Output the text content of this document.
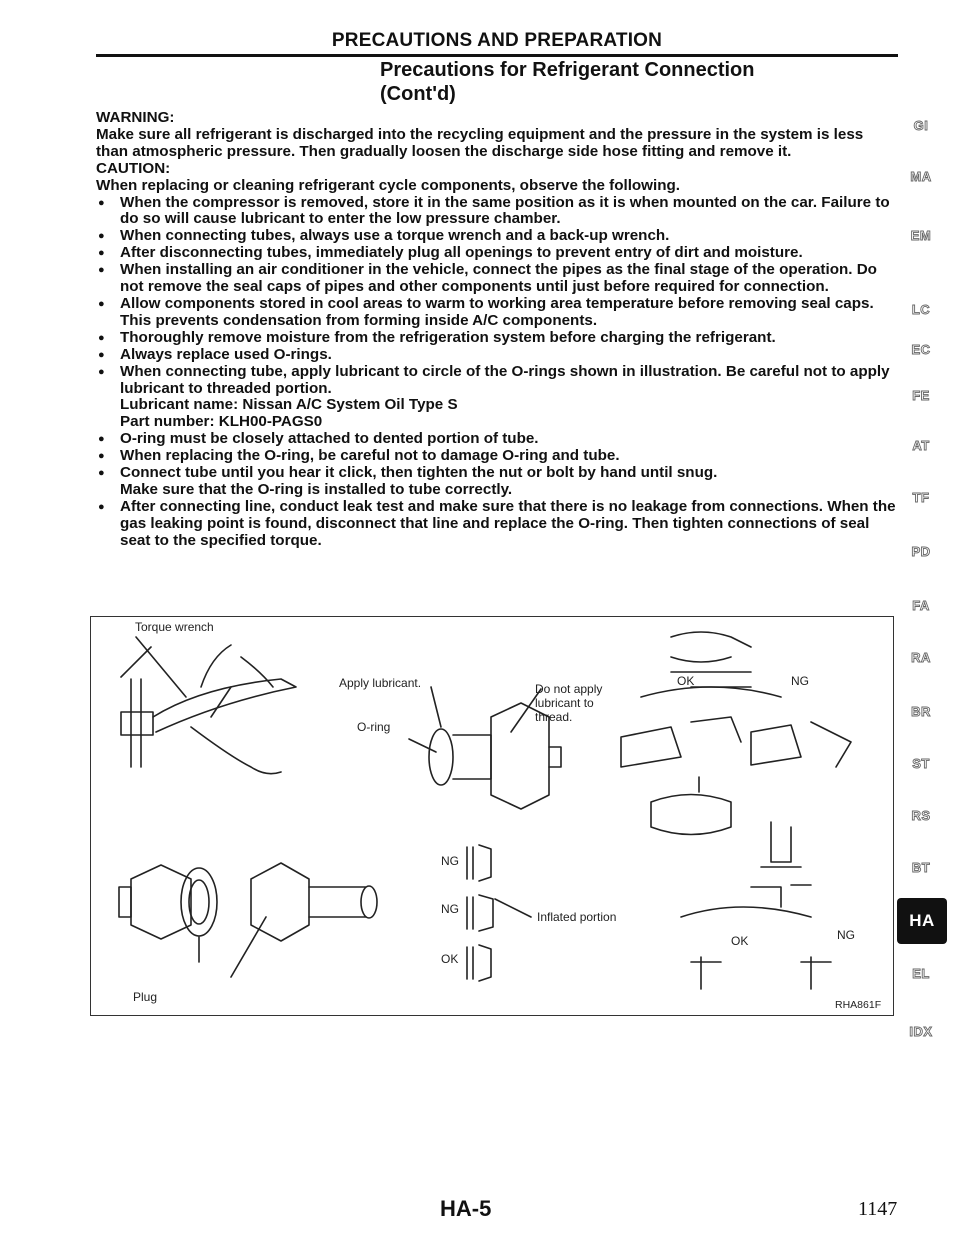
PRECAUTIONS AND PREPARATION
Precautions for Refrigerant Connection
(Cont'd)

WARNING:

Make sure all refrigerant is discharged into the recycling equipment and the pressure in the system is less than atmospheric pressure. Then gradually loosen the discharge side hose fitting and remove it.

CAUTION:

When replacing or cleaning refrigerant cycle components, observe the following.

● When the compressor is removed, store it in the same position as it is when mounted on the car. Failure to do so will cause lubricant to enter the low pressure chamber.
● When connecting tubes, always use a torque wrench and a back-up wrench.
● After disconnecting tubes, immediately plug all openings to prevent entry of dirt and moisture.
● When installing an air conditioner in the vehicle, connect the pipes as the final stage of the operation. Do not remove the seal caps of pipes and other components until just before required for connection.
● Allow components stored in cool areas to warm to working area temperature before removing seal caps. This prevents condensation from forming inside A/C components.
● Thoroughly remove moisture from the refrigeration system before charging the refrigerant.
● Always replace used O-rings.
● When connecting tube, apply lubricant to circle of the O-rings shown in illustration. Be careful not to apply lubricant to threaded portion.
Lubricant name: Nissan A/C System Oil Type S
Part number: KLH00-PAGS0
● O-ring must be closely attached to dented portion of tube.
● When replacing the O-ring, be careful not to damage O-ring and tube.
● Connect tube until you hear it click, then tighten the nut or bolt by hand until snug.
Make sure that the O-ring is installed to tube correctly.
● After connecting line, conduct leak test and make sure that there is no leakage from connections. When the gas leaking point is found, disconnect that line and replace the O-ring. Then tighten connections of seal seat to the specified torque.
Torque wrench
Plug
Apply lubricant.
O-ring
Do not apply
lubricant to
thread.
NG
NG
OK
Inflated portion
OK	NG
OK	NG
RHA861F
GI
MA
EM
LC
EC
FE
AT
TF
PD
FA
RA
BR
ST
RS
BT
HA
EL
IDX
HA-5	1147
